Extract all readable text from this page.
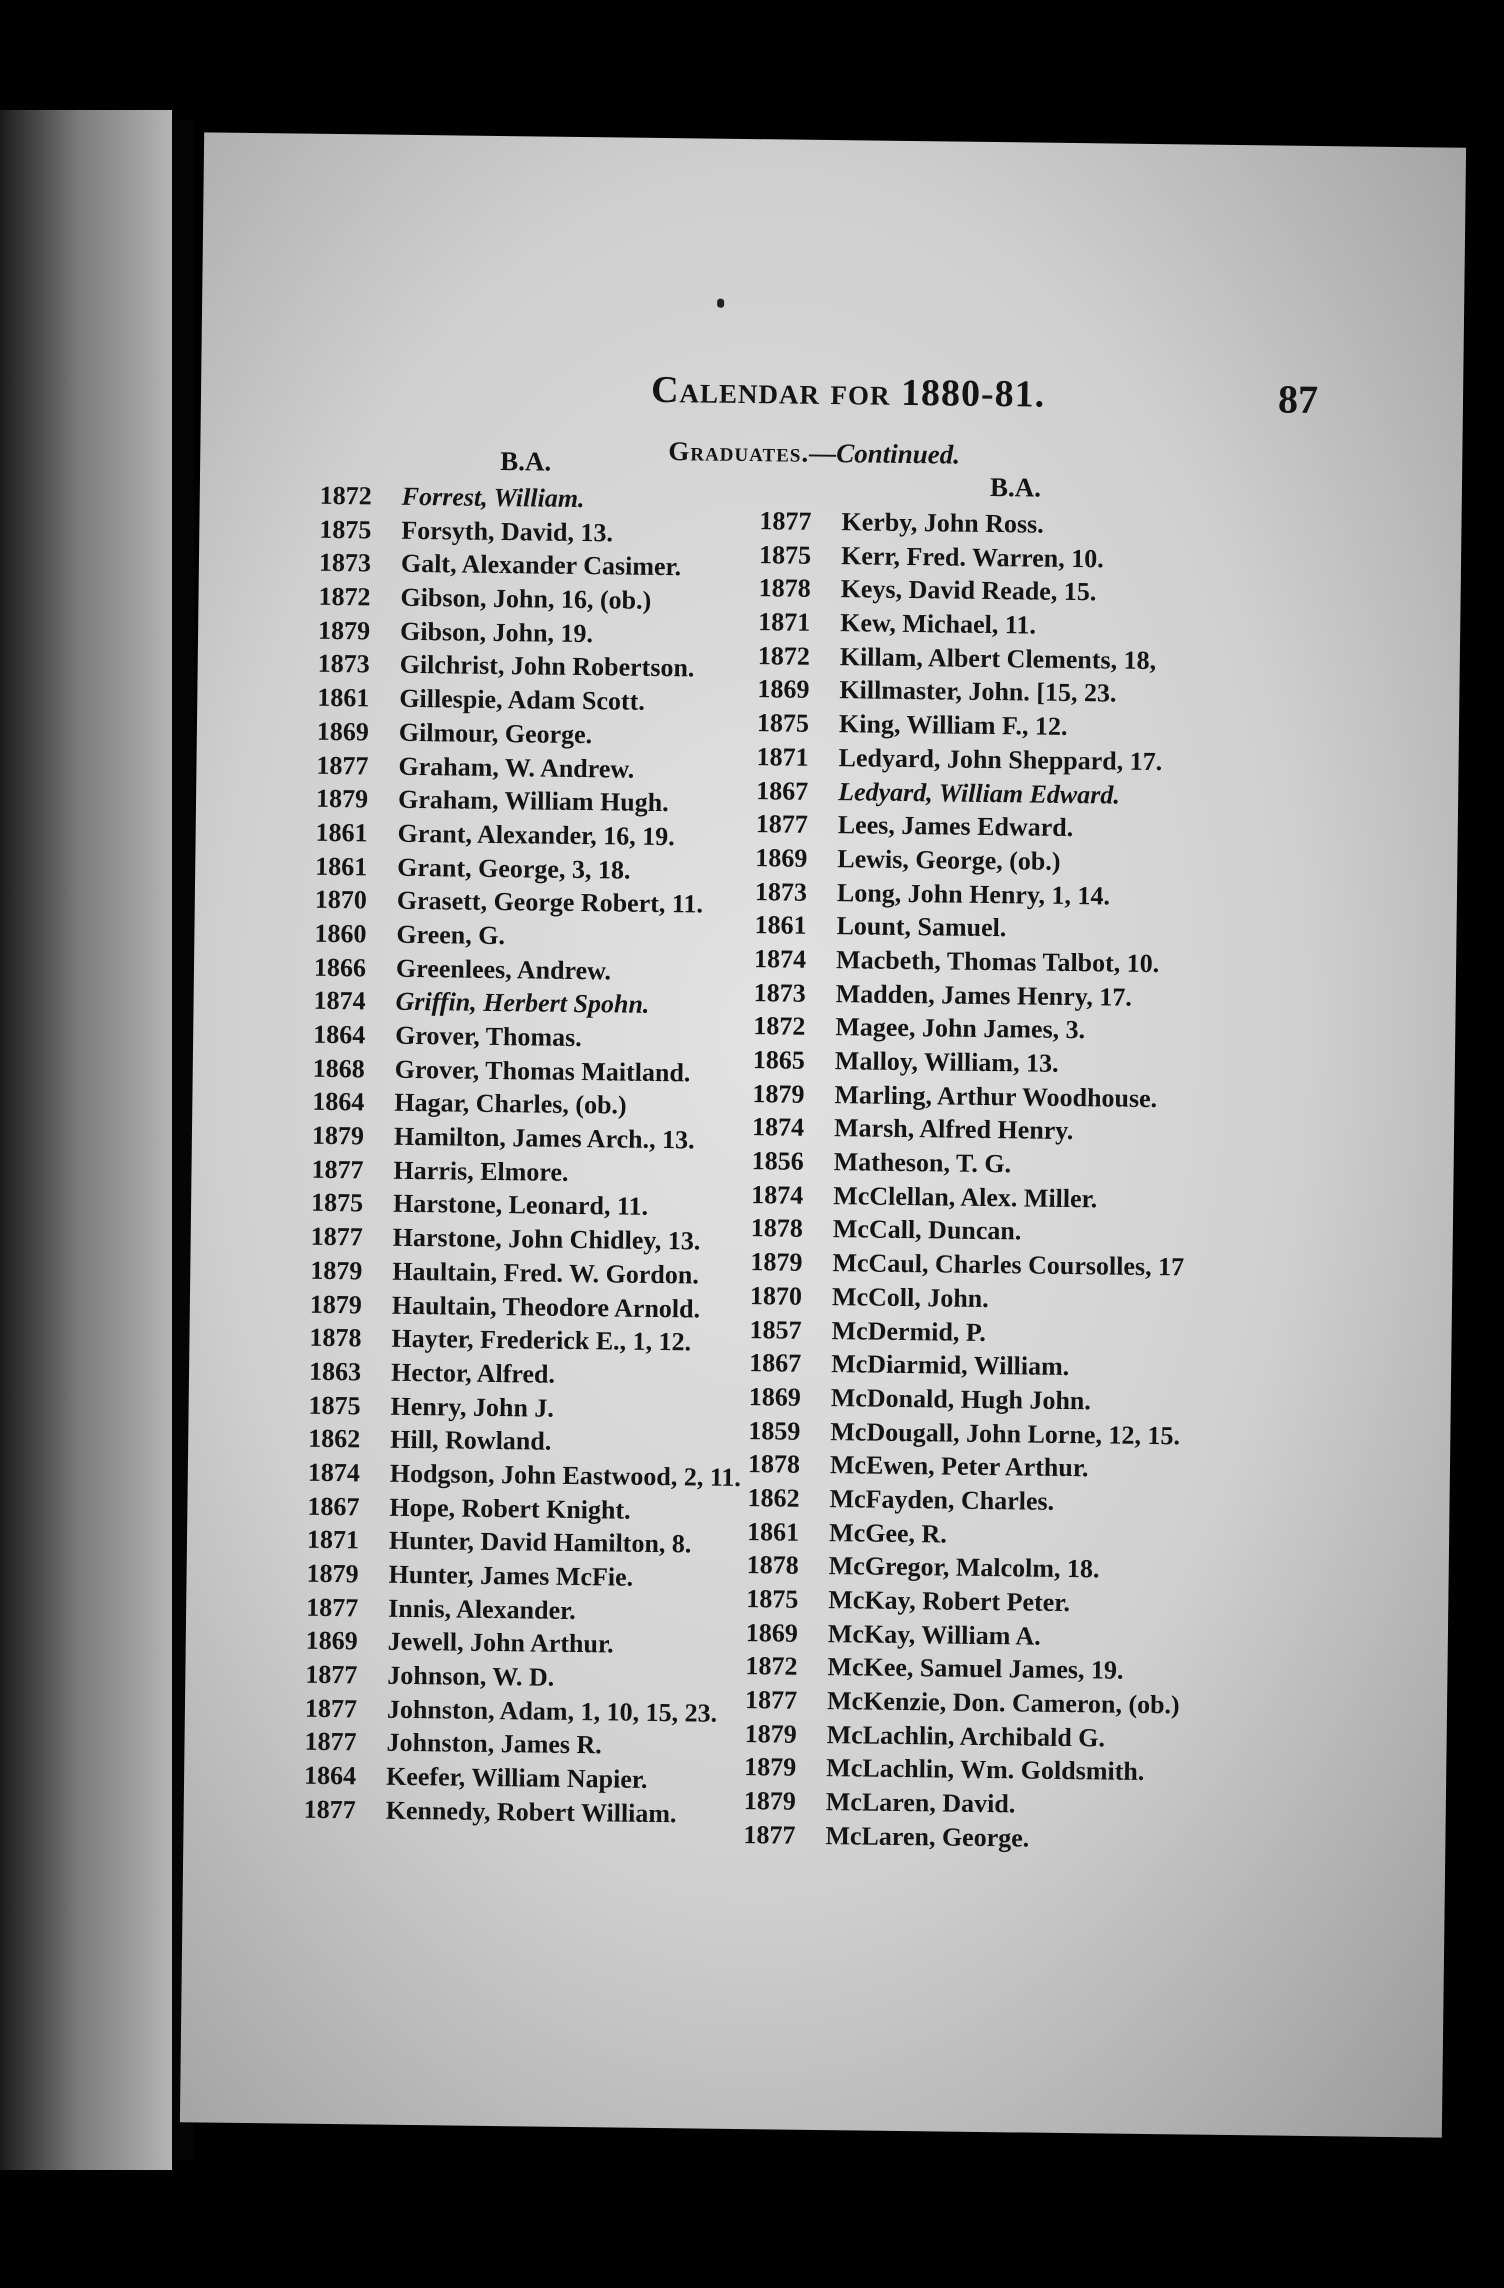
Calendar for 1880-81.	87
Graduates.—Continued.
B.A.
1872	Forrest, William.
1875	Forsyth, David, 13.
1873	Galt, Alexander Casimer.
1872	Gibson, John, 16, (ob.)
1879	Gibson, John, 19.
1873	Gilchrist, John Robertson.
1861	Gillespie, Adam Scott.
1869	Gilmour, George.
1877	Graham, W. Andrew.
1879	Graham, William Hugh.
1861	Grant, Alexander, 16, 19.
1861	Grant, George, 3, 18.
1870	Grasett, George Robert, 11.
1860	Green, G.
1866	Greenlees, Andrew.
1874	Griffin, Herbert Spohn.
1864	Grover, Thomas.
1868	Grover, Thomas Maitland.
1864	Hagar, Charles, (ob.)
1879	Hamilton, James Arch., 13.
1877	Harris, Elmore.
1875	Harstone, Leonard, 11.
1877	Harstone, John Chidley, 13.
1879	Haultain, Fred. W. Gordon.
1879	Haultain, Theodore Arnold.
1878	Hayter, Frederick E., 1, 12.
1863	Hector, Alfred.
1875	Henry, John J.
1862	Hill, Rowland.
1874	Hodgson, John Eastwood, 2, 11.
1867	Hope, Robert Knight.
1871	Hunter, David Hamilton, 8.
1879	Hunter, James McFie.
1877	Innis, Alexander.
1869	Jewell, John Arthur.
1877	Johnson, W. D.
1877	Johnston, Adam, 1, 10, 15, 23.
1877	Johnston, James R.
1864	Keefer, William Napier.
1877	Kennedy, Robert William.
B.A.
1877	Kerby, John Ross.
1875	Kerr, Fred. Warren, 10.
1878	Keys, David Reade, 15.
1871	Kew, Michael, 11.
1872	Killam, Albert Clements, 18,
1869	Killmaster, John. [15, 23.
1875	King, William F., 12.
1871	Ledyard, John Sheppard, 17.
1867	Ledyard, William Edward.
1877	Lees, James Edward.
1869	Lewis, George, (ob.)
1873	Long, John Henry, 1, 14.
1861	Lount, Samuel.
1874	Macbeth, Thomas Talbot, 10.
1873	Madden, James Henry, 17.
1872	Magee, John James, 3.
1865	Malloy, William, 13.
1879	Marling, Arthur Woodhouse.
1874	Marsh, Alfred Henry.
1856	Matheson, T. G.
1874	McClellan, Alex. Miller.
1878	McCall, Duncan.
1879	McCaul, Charles Coursolles, 17
1870	McColl, John.
1857	McDermid, P.
1867	McDiarmid, William.
1869	McDonald, Hugh John.
1859	McDougall, John Lorne, 12, 15.
1878	McEwen, Peter Arthur.
1862	McFayden, Charles.
1861	McGee, R.
1878	McGregor, Malcolm, 18.
1875	McKay, Robert Peter.
1869	McKay, William A.
1872	McKee, Samuel James, 19.
1877	McKenzie, Don. Cameron, (ob.)
1879	McLachlin, Archibald G.
1879	McLachlin, Wm. Goldsmith.
1879	McLaren, David.
1877	McLaren, George.
